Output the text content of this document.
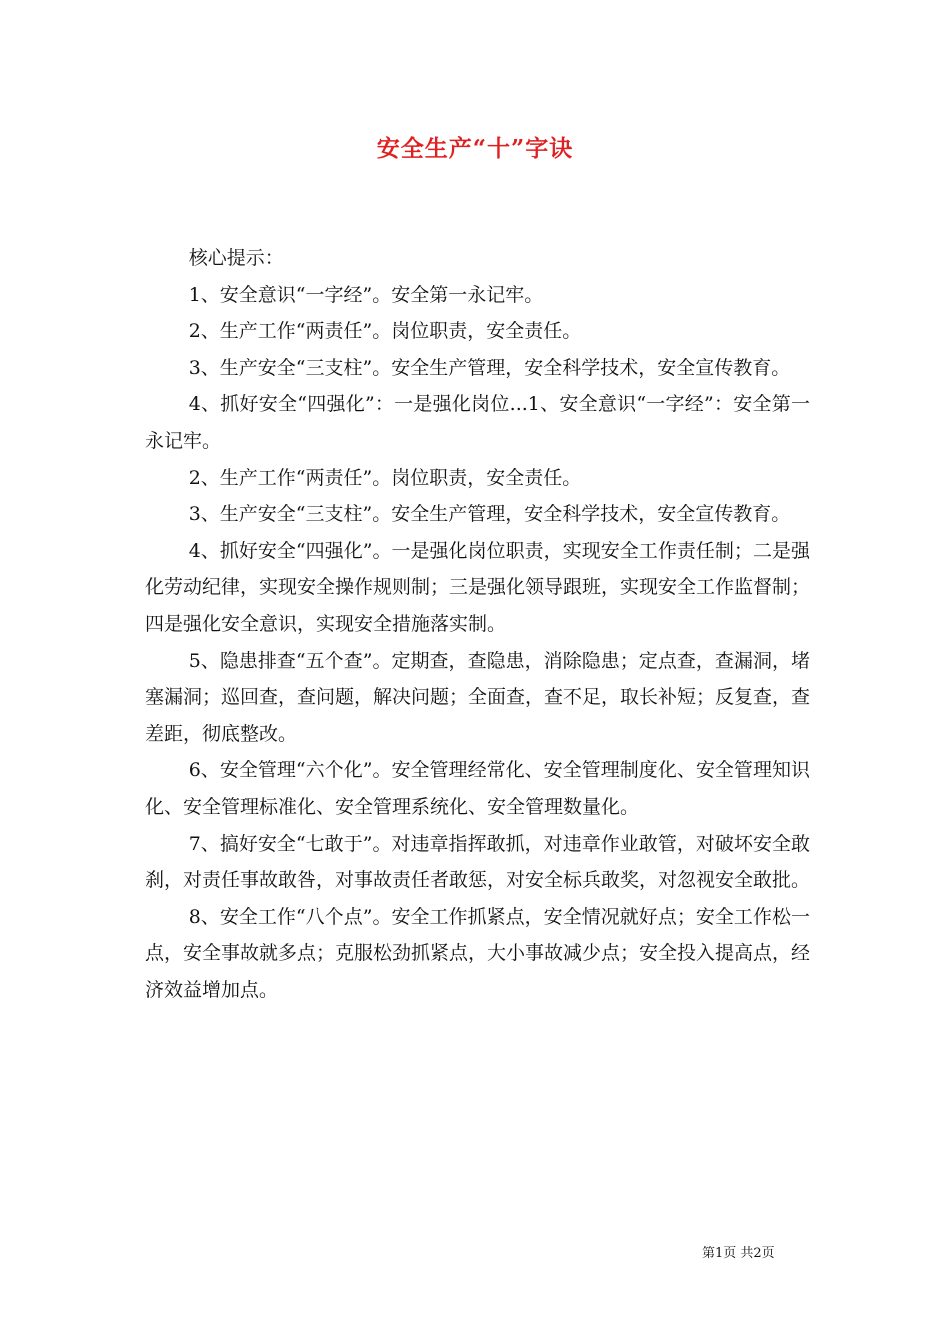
安全生产“十”字诀

核心提示：

1、安全意识“一字经”。安全第一永记牢。

2、生产工作“两责任”。岗位职责，安全责任。

3、生产安全“三支柱”。安全生产管理，安全科学技术，安全宣传教育。

4、抓好安全“四强化”：一是强化岗位...1、安全意识“一字经”：安全第一永记牢。

2、生产工作“两责任”。岗位职责，安全责任。

3、生产安全“三支柱”。安全生产管理，安全科学技术，安全宣传教育。

4、抓好安全“四强化”。一是强化岗位职责，实现安全工作责任制；二是强化劳动纪律，实现安全操作规则制；三是强化领导跟班，实现安全工作监督制；四是强化安全意识，实现安全措施落实制。

5、隐患排查“五个查”。定期查，查隐患，消除隐患；定点查，查漏洞，堵塞漏洞；巡回查，查问题，解决问题；全面查，查不足，取长补短；反复查，查差距，彻底整改。

6、安全管理“六个化”。安全管理经常化、安全管理制度化、安全管理知识化、安全管理标准化、安全管理系统化、安全管理数量化。

7、搞好安全“七敢于”。对违章指挥敢抓，对违章作业敢管，对破坏安全敢刹，对责任事故敢咎，对事故责任者敢惩，对安全标兵敢奖，对忽视安全敢批。

8、安全工作“八个点”。安全工作抓紧点，安全情况就好点；安全工作松一点，安全事故就多点；克服松劲抓紧点，大小事故减少点；安全投入提高点，经济效益增加点。

第1页 共2页
